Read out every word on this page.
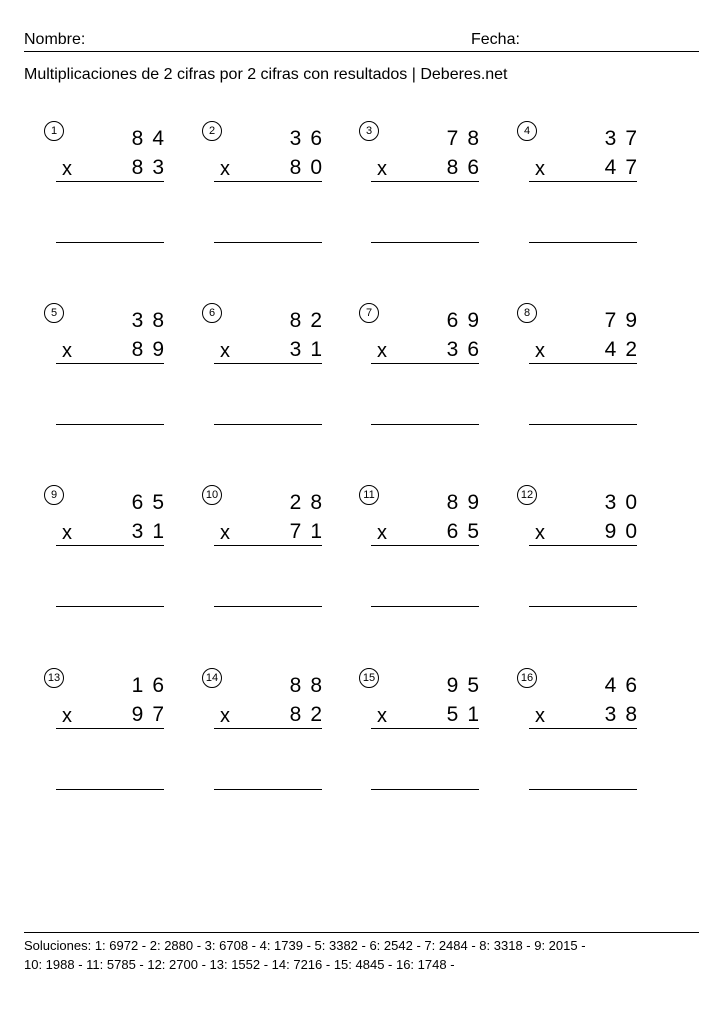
Nombre:	Fecha:
Multiplicaciones de 2 cifras por 2 cifras con resultados | Deberes.net
1	84
x	83
2	36
x	80
3	78
x	86
4	37
x	47
5	38
x	89
6	82
x	31
7	69
x	36
8	79
x	42
9	65
x	31
10	28
x	71
11	89
x	65
12	30
x	90
13	16
x	97
14	88
x	82
15	95
x	51
16	46
x	38
Soluciones: 1: 6972 - 2: 2880 - 3: 6708 - 4: 1739 - 5: 3382 - 6: 2542 - 7: 2484 - 8: 3318 - 9: 2015 -
10: 1988 - 11: 5785 - 12: 2700 - 13: 1552 - 14: 7216 - 15: 4845 - 16: 1748 -
